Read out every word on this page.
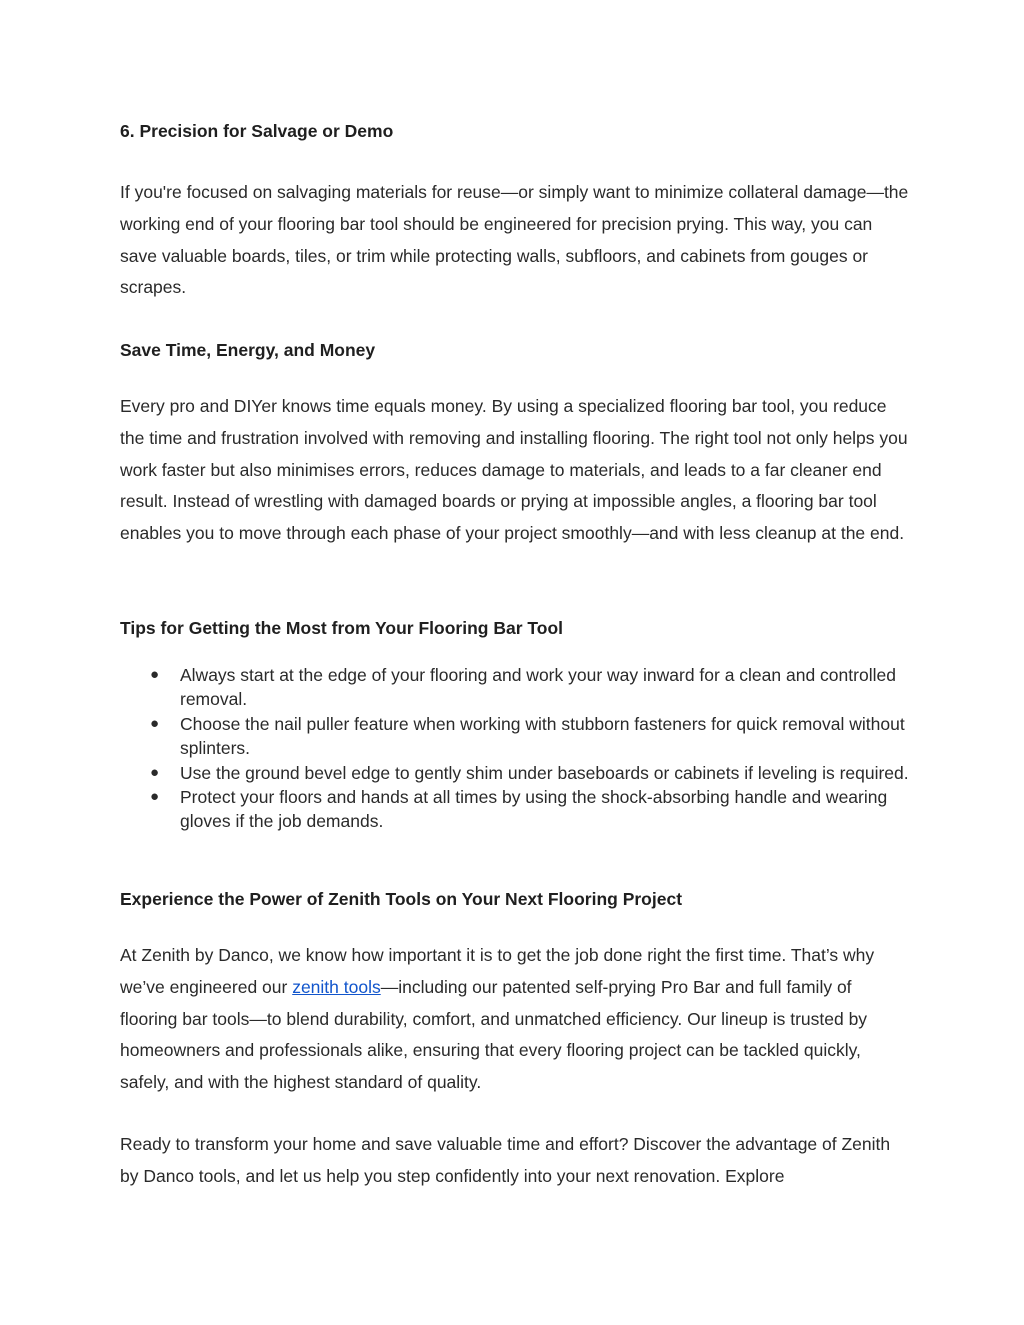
6. Precision for Salvage or Demo

If you're focused on salvaging materials for reuse—or simply want to minimize collateral damage—the working end of your flooring bar tool should be engineered for precision prying. This way, you can save valuable boards, tiles, or trim while protecting walls, subfloors, and cabinets from gouges or scrapes.

Save Time, Energy, and Money

Every pro and DIYer knows time equals money. By using a specialized flooring bar tool, you reduce the time and frustration involved with removing and installing flooring. The right tool not only helps you work faster but also minimises errors, reduces damage to materials, and leads to a far cleaner end result. Instead of wrestling with damaged boards or prying at impossible angles, a flooring bar tool enables you to move through each phase of your project smoothly—and with less cleanup at the end.

Tips for Getting the Most from Your Flooring Bar Tool
● Always start at the edge of your flooring and work your way inward for a clean and controlled removal.
● Choose the nail puller feature when working with stubborn fasteners for quick removal without splinters.
● Use the ground bevel edge to gently shim under baseboards or cabinets if leveling is required.
● Protect your floors and hands at all times by using the shock-absorbing handle and wearing gloves if the job demands.
Experience the Power of Zenith Tools on Your Next Flooring Project

At Zenith by Danco, we know how important it is to get the job done right the first time. That’s why we’ve engineered our zenith tools—including our patented self-prying Pro Bar and full family of flooring bar tools—to blend durability, comfort, and unmatched efficiency. Our lineup is trusted by homeowners and professionals alike, ensuring that every flooring project can be tackled quickly, safely, and with the highest standard of quality.

Ready to transform your home and save valuable time and effort? Discover the advantage of Zenith by Danco tools, and let us help you step confidently into your next renovation. Explore
